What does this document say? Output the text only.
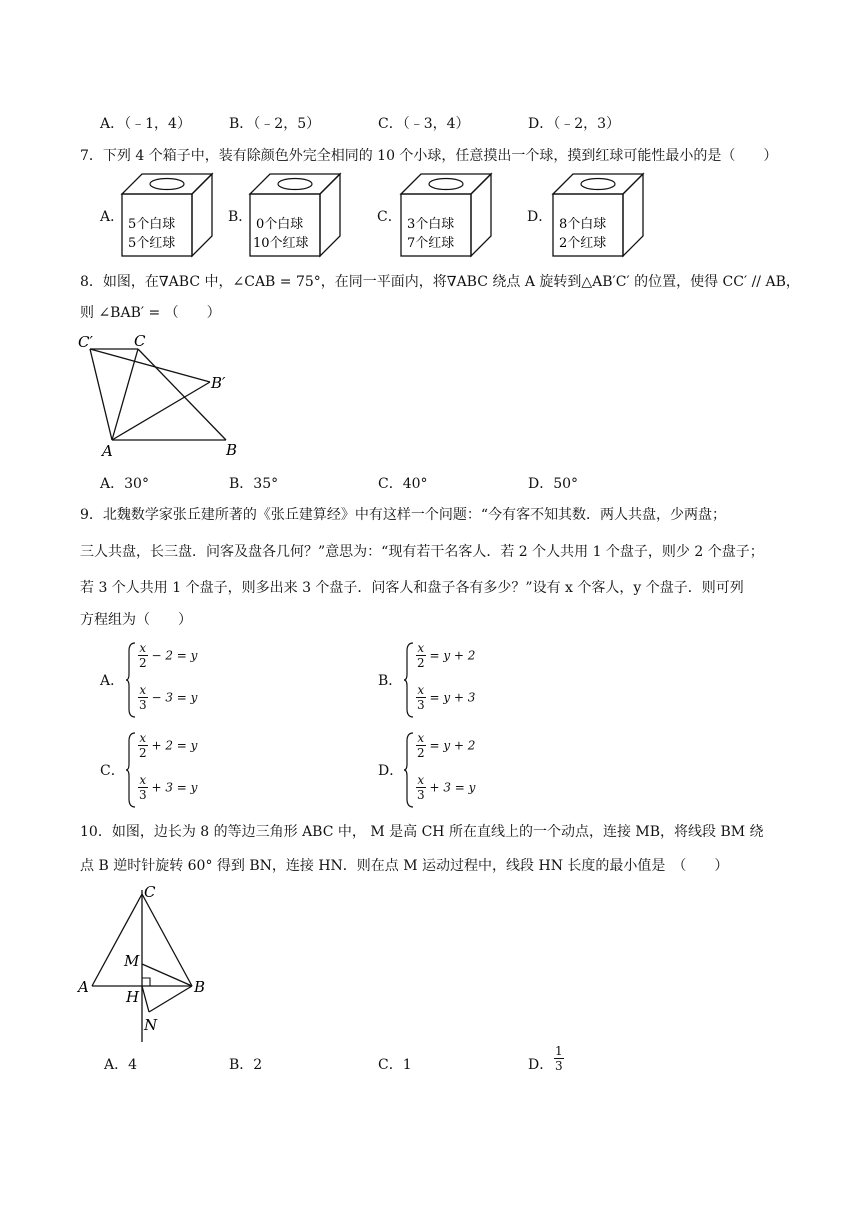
A．（﹣1，4）	B．（﹣2，5）	C．（﹣3，4）	D．（﹣2，3）
7．下列 4 个箱子中，装有除颜色外完全相同的 10 个小球，任意摸出一个球，摸到红球可能性最小的是（　　）
A．	B．	C．	D．
5个白球
5个红球
0个白球
10个红球
3个白球
7个红球
8个白球
2个红球
8．如图，在∇ABC 中，∠CAB = 75°，在同一平面内，将∇ABC 绕点 A 旋转到△AB′C′ 的位置，使得 CC′ // AB，
则 ∠BAB′ = （　　）
C′	C
B′
A	B
A．30°	B．35°	C．40°	D．50°
9．北魏数学家张丘建所著的《张丘建算经》中有这样一个问题：“今有客不知其数．两人共盘，少两盘；
三人共盘，长三盘．问客及盘各几何？”意思为：“现有若干名客人．若 2 个人共用 1 个盘子，则少 2 个盘子；
若 3 个人共用 1 个盘子，则多出来 3 个盘子．问客人和盘子各有多少？”设有 x 个客人，y 个盘子．则可列
方程组为（　　）
A．
$\frac{x}{2} - 2 = y$
$\frac{x}{3} - 3 = y$
B．
$\frac{x}{2} = y + 2$
$\frac{x}{3} = y + 3$
C．
$\frac{x}{2} + 2 = y$
$\frac{x}{3} + 3 = y$
D．
$\frac{x}{2} = y + 2$
$\frac{x}{3} + 3 = y$
10．如图，边长为 8 的等边三角形 ABC 中， M 是高 CH 所在直线上的一个动点，连接 MB，将线段 BM 绕
点 B 逆时针旋转 60° 得到 BN，连接 HN．则在点 M 运动过程中，线段 HN 长度的最小值是　（　　）
C
M
A
H
B
N
A．4	B．2	C．1	D． $\frac{1}{3}$
